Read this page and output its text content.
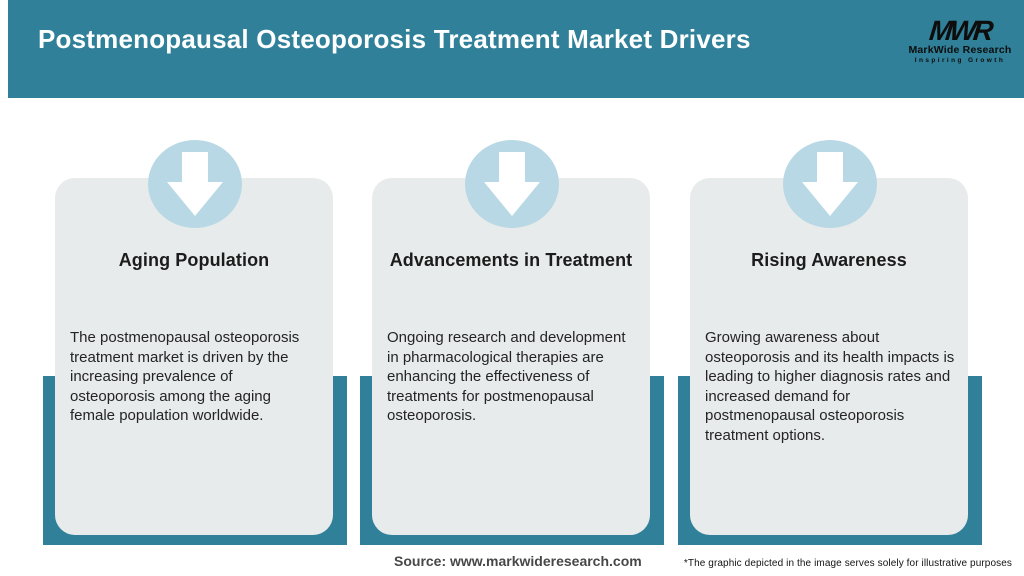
Postmenopausal Osteoporosis Treatment Market Drivers	MWR
MarkWide Research
Inspiring Growth
Aging Population

The postmenopausal osteoporosis treatment market is driven by the increasing prevalence of osteoporosis among the aging female population worldwide.

Advancements in Treatment

Ongoing research and development in pharmacological therapies are enhancing the effectiveness of treatments for postmenopausal osteoporosis.

Rising Awareness

Growing awareness about osteoporosis and its health impacts is leading to higher diagnosis rates and increased demand for postmenopausal osteoporosis treatment options.

Source: www.markwideresearch.com	*The graphic depicted in the image serves solely for illustrative purposes
